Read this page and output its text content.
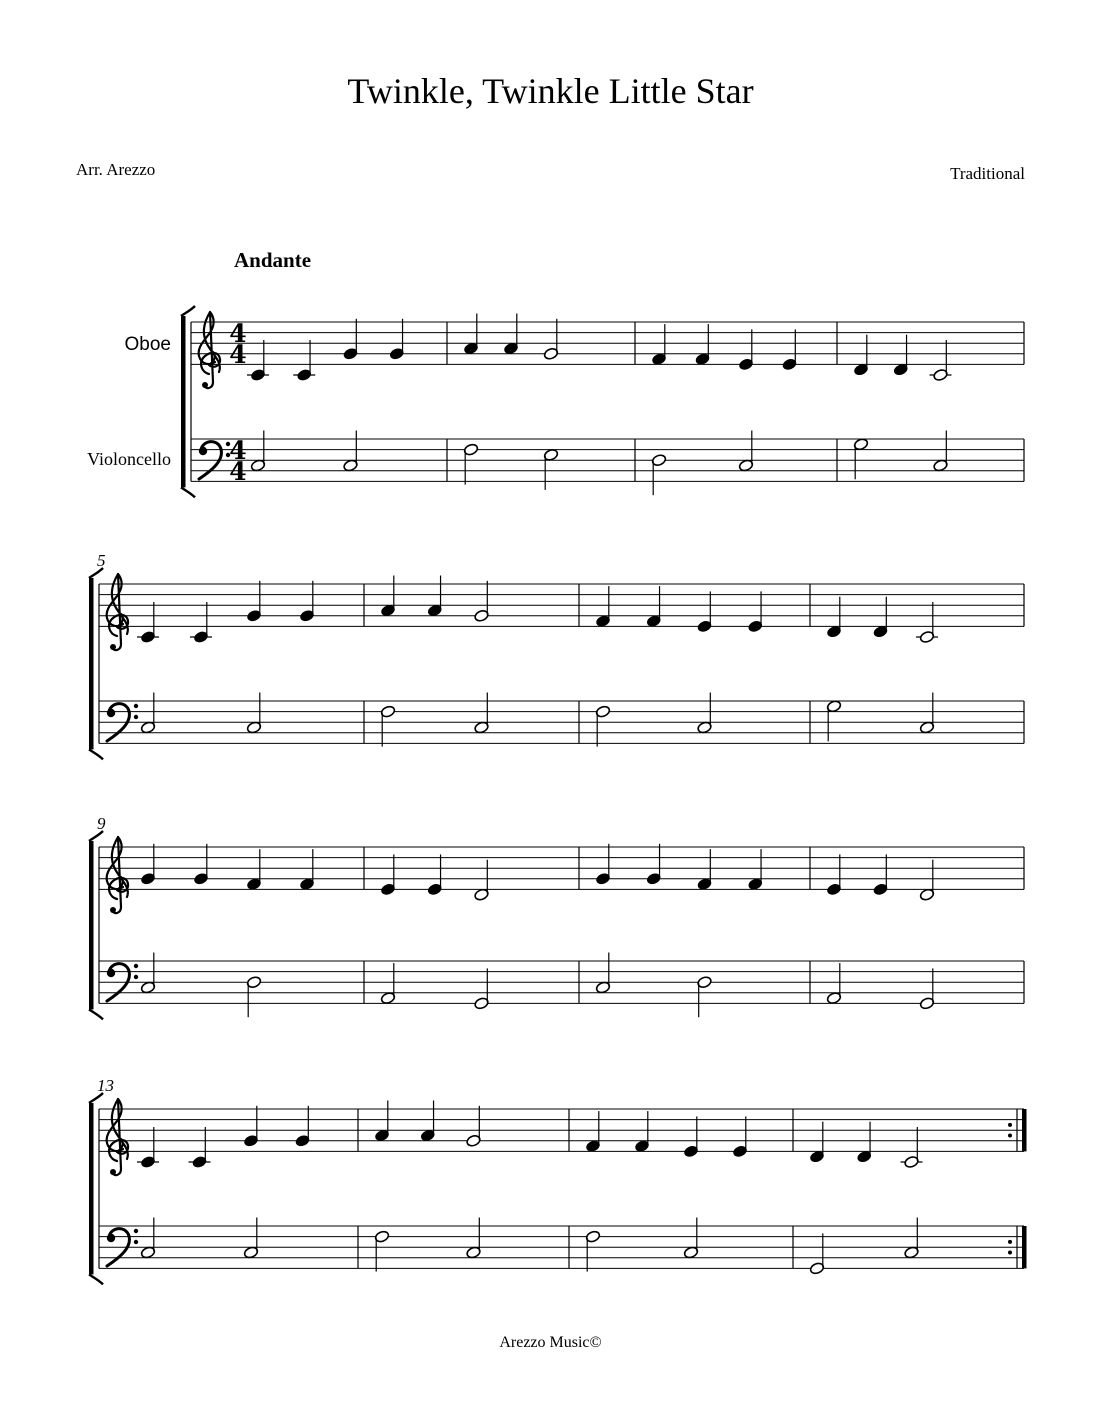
Twinkle, Twinkle Little Star
Arr. Arezzo	Traditional
Andante
4
4
4
4
Oboe
Violoncello
5
9
13
Arezzo Music©
